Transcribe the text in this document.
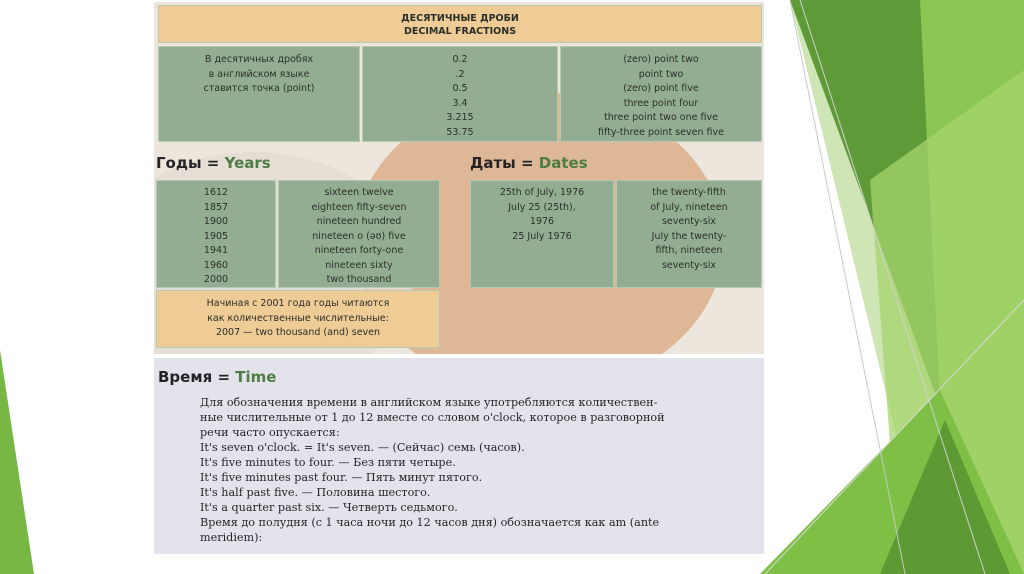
ДЕСЯТИЧНЫЕ ДРОБИ
DECIMAL FRACTIONS
В десятичных дробях
в английском языке
ставится точка (point)
0.2
.2
0.5
3.4
3.215
53.75
(zero) point two
point two
(zero) point five
three point four
three point two one five
fifty-three point seven five
Годы = Years	Даты = Dates
1612
1857
1900
1905
1941
1960
2000
sixteen twelve
eighteen fifty-seven
nineteen hundred
nineteen o (əʊ) five
nineteen forty-one
nineteen sixty
two thousand
Начиная с 2001 года годы читаются
как количественные числительные:
2007 — two thousand (and) seven
25th of July, 1976
July 25 (25th),
1976
25 July 1976
the twenty-fifth
of July, nineteen
seventy-six
July the twenty-
fifth, nineteen
seventy-six
Время = Time
Для обозначения времени в английском языке употребляются количествен-
ные числительные от 1 до 12 вместе со словом o'clock, которое в разговорной
речи часто опускается:
It's seven o'clock. = It's seven. — (Сейчас) семь (часов).
It's five minutes to four. — Без пяти четыре.
It's five minutes past four. — Пять минут пятого.
It's half past five. — Половина шестого.
It's a quarter past six. — Четверть седьмого.
Время до полудня (с 1 часа ночи до 12 часов дня) обозначается как am (ante
meridiem):
